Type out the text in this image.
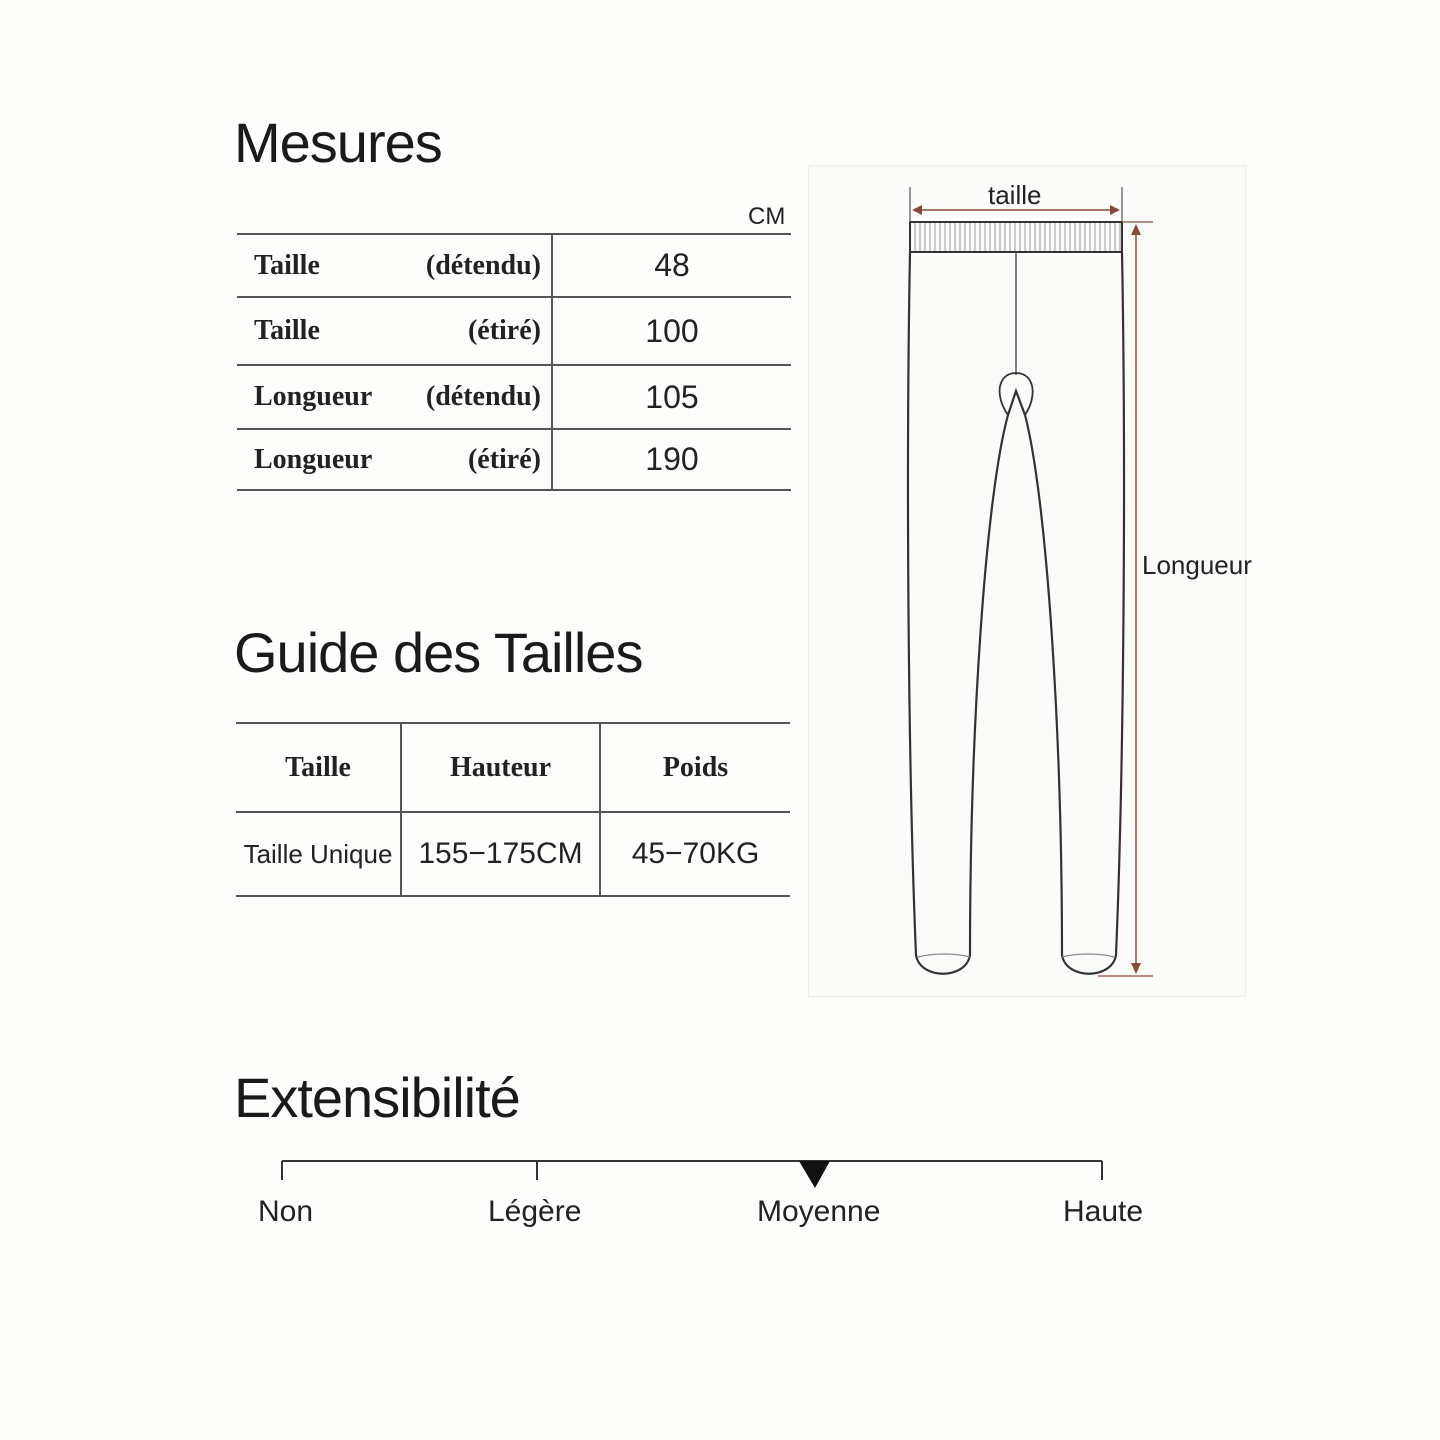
Mesures
CM
Taille (détendu)	48

Taille (étiré)	100

Longueur (détendu)	105

Longueur (étiré)	190
Guide des Tailles
Taille	Hauteur	Poids
Taille Unique	155−175CM	45−70KG
taille
Longueur
Extensibilité
Non	Légère	Moyenne	Haute
